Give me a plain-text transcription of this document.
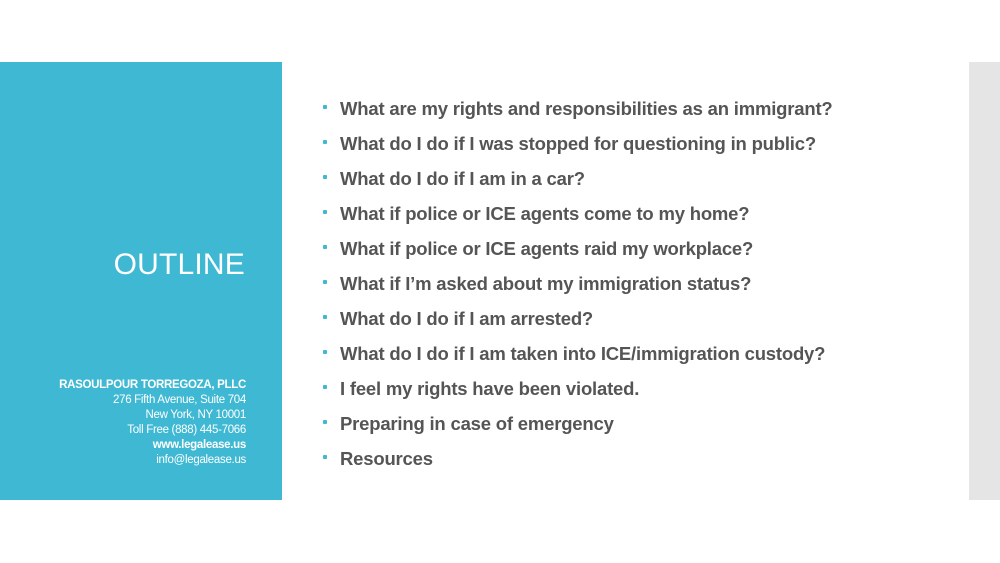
OUTLINE
RASOULPOUR TORREGOZA, PLLC
276 Fifth Avenue, Suite 704
New York, NY 10001
Toll Free (888) 445-7066
www.legalease.us
info@legalease.us
What are my rights and responsibilities as an immigrant?
What do I do if I was stopped for questioning in public?
What do I do if I am in a car?
What if police or ICE agents come to my home?
What if police or ICE agents raid my workplace?
What if I’m asked about my immigration status?
What do I do if I am arrested?
What do I do if I am taken into ICE/immigration custody?
I feel my rights have been violated.
Preparing in case of emergency
Resources
